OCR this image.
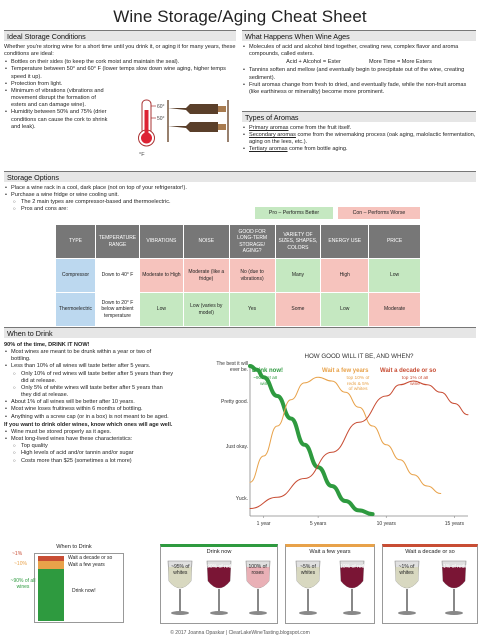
Wine Storage/Aging Cheat Sheet
Ideal Storage Conditions

Whether you're storing wine for a short time until you drink it, or aging it for many years, these conditions are ideal:

• Bottles on their sides (to keep the cork moist and maintain the seal).
• Temperature between 50° and 60° F (lower temps slow down wine aging, higher temps speed it up).
• Protection from light.
• Minimum of vibrations (vibrations and movement disrupt the formation of esters and can damage wine).
• Humidity between 50% and 75% (drier conditions can cause the cork to shrink and leak).
60°
50°
°F
What Happens When Wine Ages
• Molecules of acid and alcohol bind together, creating new, complex flavor and aroma compounds, called esters.
Acid + Alcohol = Ester	More Time = More Esters
• Tannins soften and mellow (and eventually begin to precipitate out of the wine, creating sediment).
• Fruit aromas change from fresh to dried, and eventually fade, while the non-fruit aromas (like earthiness or minerality) become more prominent.
Types of Aromas
• Primary aromas come from the fruit itself.
• Secondary aromas come from the winemaking process (oak aging, malolactic fermentation, aging on the lees, etc.).
• Tertiary aromas come from bottle aging.
Storage Options
• Place a wine rack in a cool, dark place (not on top of your refrigerator!).
• Purchase a wine fridge or wine cooling unit.
○ The 2 main types are compressor-based and thermoelectric.
○ Pros and cons are:
Pro – Performs Better	Con – Performs Worse
TYPE	TEMPERATURE RANGE	VIBRATIONS	NOISE	GOOD FOR LONG-TERM STORAGE/ AGING?	VARIETY OF SIZES, SHAPES, COLORS	ENERGY USE	PRICE
Compressor	Down to 40° F	Moderate to High	Moderate (like a fridge)	No (due to vibrations)	Many	High	Low
Thermoelectric	Down to 20° F below ambient temperature	Low	Low (varies by model)	Yes	Some	Low	Moderate
When to Drink

90% of the time, DRINK IT NOW!

• Most wines are meant to be drunk within a year or two of bottling.
• Less than 10% of all wines will taste better after 5 years.
○ Only 10% of red wines will taste better after 5 years than they did at release.
○ Only 5% of white wines will taste better after 5 years than they did at release.
• About 1% of all wines will be better after 10 years.
• Most wine loses fruitiness within 6 months of bottling.
• Anything with a screw cap (or in a box) is not meant to be aged.

If you want to drink older wines, know which ones will age well.

• Wine must be stored properly as it ages.
• Most long-lived wines have these characteristics:
○ Top quality
○ High levels of acid and/or tannin and/or sugar
○ Costs more than $25 (sometimes a lot more)
HOW GOOD WILL IT BE, AND WHEN?
The best it will ever be.
Pretty good.
Just okay.
Yuck.
1 year	5 years	10 years	15 years
Drink now!
~90% of all wine
Wait a few years
top 10% of reds & 5% of whites
Wait a decade or so
top 1% of all wine
When to Drink
~1%
~10%
~90% of all wines
Wait a decade or so
Wait a few years
Drink now!
Drink now
~95% of whites
~90% of reds	100% of roses
Wait a few years
~5% of whites
~10% of reds
Wait a decade or so
~1% of whites
~1% of reds
© 2017 Joanna Opaskar | ClearLakeWineTasting.blogspot.com
